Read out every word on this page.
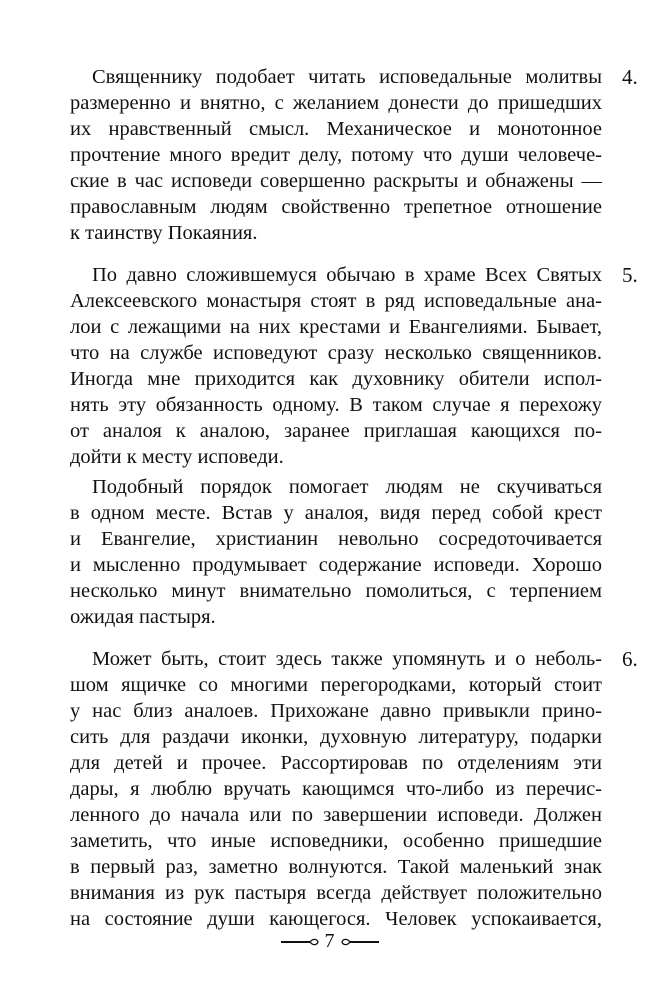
Священнику подобает читать исповедальные молитвы
размеренно и внятно, с желанием донести до пришедших
их нравственный смысл. Механическое и монотонное
прочтение много вредит делу, потому что души человече-
ские в час исповеди совершенно раскрыты и обнажены —
православным людям свойственно трепетное отношение
к таинству Покаяния.
4.
По давно сложившемуся обычаю в храме Всех Святых
Алексеевского монастыря стоят в ряд исповедальные ана-
лои с лежащими на них крестами и Евангелиями. Бывает,
что на службе исповедуют сразу несколько священников.
Иногда мне приходится как духовнику обители испол-
нять эту обязанность одному. В таком случае я перехожу
от аналоя к аналою, заранее приглашая кающихся по-
дойти к месту исповеди.
5.
Подобный порядок помогает людям не скучиваться
в одном месте. Встав у аналоя, видя перед собой крест
и Евангелие, христианин невольно сосредоточивается
и мысленно продумывает содержание исповеди. Хорошо
несколько минут внимательно помолиться, с терпением
ожидая пастыря.
Может быть, стоит здесь также упомянуть и о неболь-
шом ящичке со многими перегородками, который стоит
у нас близ аналоев. Прихожане давно привыкли прино-
сить для раздачи иконки, духовную литературу, подарки
для детей и прочее. Рассортировав по отделениям эти
дары, я люблю вручать кающимся что-либо из перечис-
ленного до начала или по завершении исповеди. Должен
заметить, что иные исповедники, особенно пришедшие
в первый раз, заметно волнуются. Такой маленький знак
внимания из рук пастыря всегда действует положительно
на состояние души кающегося. Человек успокаивается,
6.
7
